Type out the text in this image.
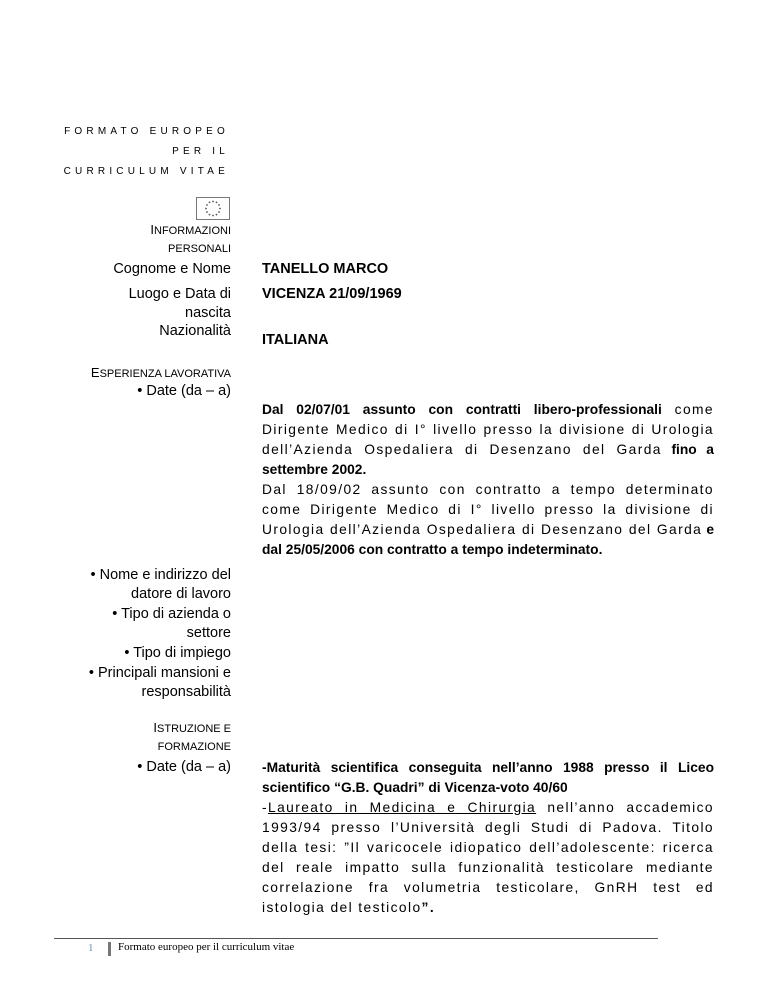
FORMATO EUROPEO
PER IL
CURRICULUM VITAE
INFORMAZIONI
PERSONALI
Cognome e Nome TANELLO MARCO
Luogo e Data di nascita
VICENZA 21/09/1969
Nazionalità
ITALIANA
ESPERIENZA LAVORATIVA
• Date (da – a)

Dal 02/07/01 assunto con contratti libero-professionali come Dirigente Medico di I° livello presso la divisione di Urologia dell’Azienda Ospedaliera di Desenzano del Garda fino a settembre 2002.

Dal 18/09/02 assunto con contratto a tempo determinato come Dirigente Medico di I° livello presso la divisione di Urologia dell’Azienda Ospedaliera di Desenzano del Garda e dal 25/05/2006 con contratto a tempo indeterminato.

• Nome e indirizzo del datore di lavoro
• Tipo di azienda o settore
• Tipo di impiego
• Principali mansioni e responsabilità
ISTRUZIONE E
FORMAZIONE
• Date (da – a) -Maturità scientifica conseguita nell’anno 1988 presso il Liceo scientifico “G.B. Quadri” di Vicenza-voto 40/60

-Laureato in Medicina e Chirurgia nell’anno accademico 1993/94 presso l’Università degli Studi di Padova. Titolo della tesi: ”Il varicocele idiopatico dell’adolescente: ricerca del reale impatto sulla funzionalità testicolare mediante correlazione fra volumetria testicolare, GnRH test ed istologia del testicolo”.

1 Formato europeo per il curriculum vitae
